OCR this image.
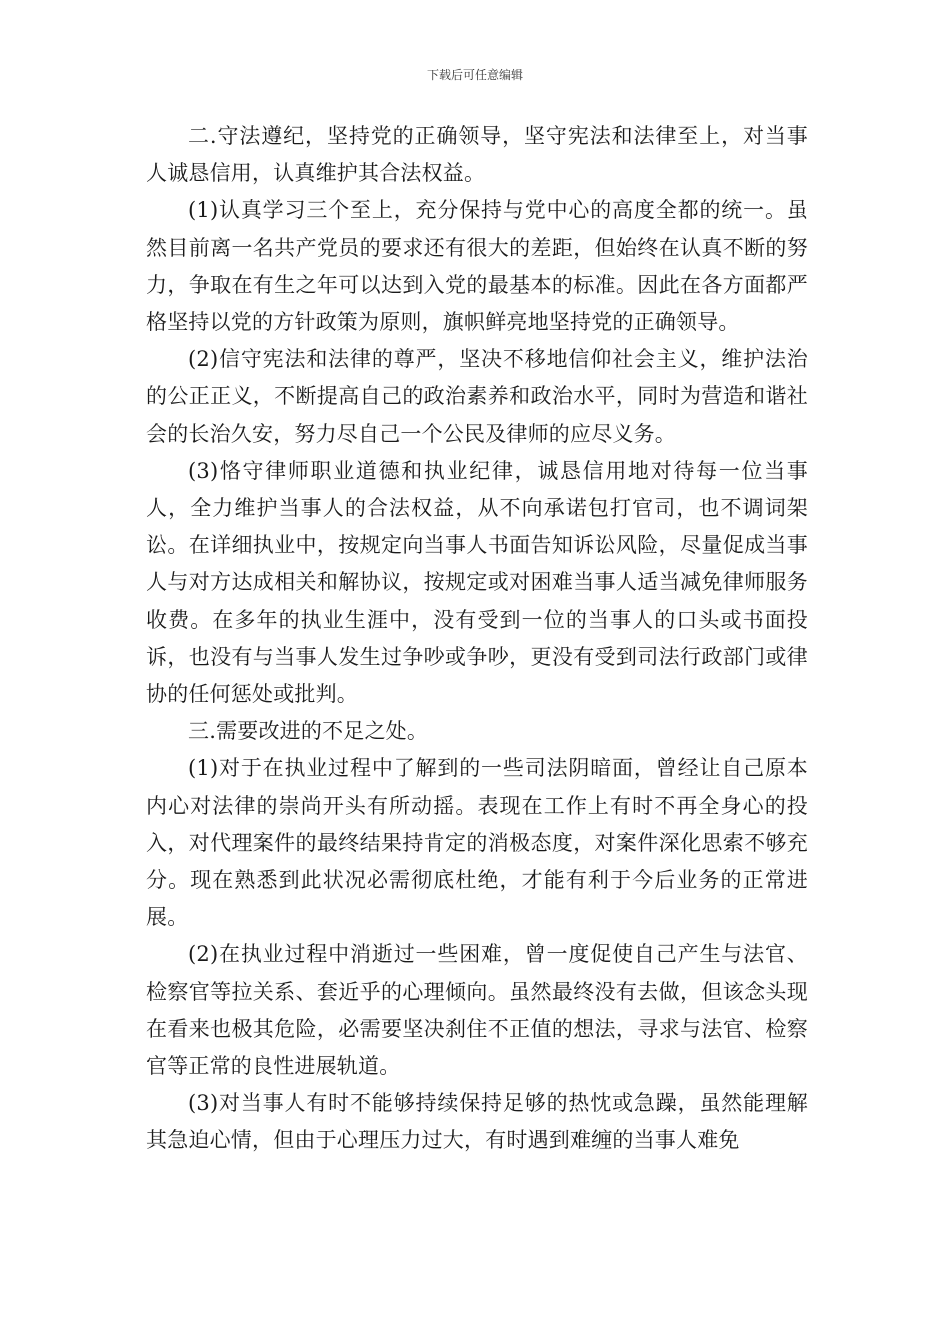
下载后可任意编辑

二.守法遵纪，坚持党的正确领导，坚守宪法和法律至上，对当事人诚恳信用，认真维护其合法权益。

(1)认真学习三个至上，充分保持与党中心的高度全都的统一。虽然目前离一名共产党员的要求还有很大的差距，但始终在认真不断的努力，争取在有生之年可以达到入党的最基本的标准。因此在各方面都严格坚持以党的方针政策为原则，旗帜鲜亮地坚持党的正确领导。

(2)信守宪法和法律的尊严，坚决不移地信仰社会主义，维护法治的公正正义，不断提高自己的政治素养和政治水平，同时为营造和谐社会的长治久安，努力尽自己一个公民及律师的应尽义务。

(3)恪守律师职业道德和执业纪律，诚恳信用地对待每一位当事人，全力维护当事人的合法权益，从不向承诺包打官司，也不调词架讼。在详细执业中，按规定向当事人书面告知诉讼风险，尽量促成当事人与对方达成相关和解协议，按规定或对困难当事人适当减免律师服务收费。在多年的执业生涯中，没有受到一位的当事人的口头或书面投诉，也没有与当事人发生过争吵或争吵，更没有受到司法行政部门或律协的任何惩处或批判。

三.需要改进的不足之处。

(1)对于在执业过程中了解到的一些司法阴暗面，曾经让自己原本内心对法律的崇尚开头有所动摇。表现在工作上有时不再全身心的投入，对代理案件的最终结果持肯定的消极态度，对案件深化思索不够充分。现在熟悉到此状况必需彻底杜绝，才能有利于今后业务的正常进展。

(2)在执业过程中消逝过一些困难，曾一度促使自己产生与法官、检察官等拉关系、套近乎的心理倾向。虽然最终没有去做，但该念头现在看来也极其危险，必需要坚决刹住不正值的想法，寻求与法官、检察官等正常的良性进展轨道。

(3)对当事人有时不能够持续保持足够的热忱或急躁，虽然能理解其急迫心情，但由于心理压力过大，有时遇到难缠的当事人难免
